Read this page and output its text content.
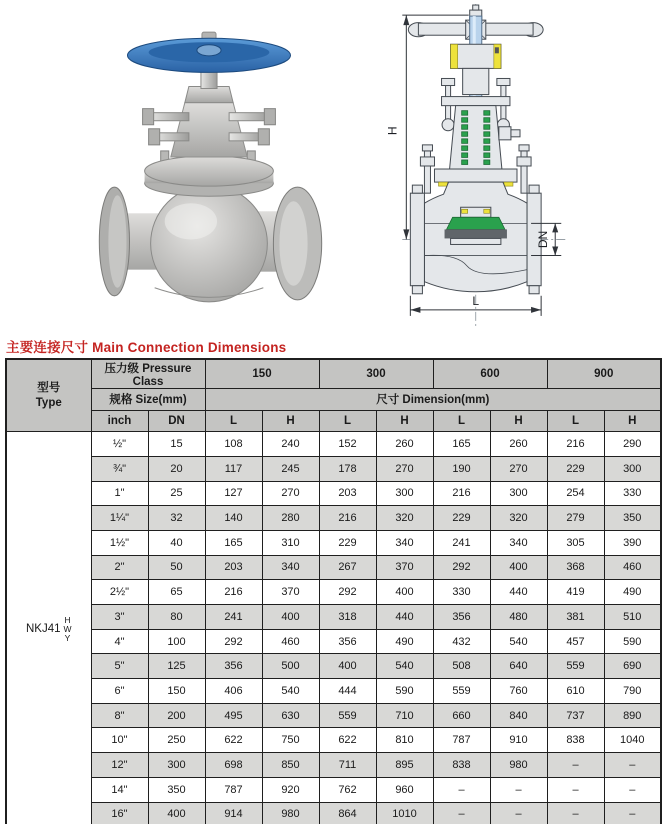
H
DN
L
主要连接尺寸 Main Connection Dimensions
型号
Type	压力级 Pressure Class		150		300		600		900	
	规格 Size(mm)		尺寸 Dimension(mm)							
	inch	DN	L	H	L	H	L	H	L	H

NKJ41
H
W
Y	½"	15	108	240	152	260	165	260	216	290
	¾"	20	117	245	178	270	190	270	229	300
	1"	25	127	270	203	300	216	300	254	330
	1¼"	32	140	280	216	320	229	320	279	350
	1½"	40	165	310	229	340	241	340	305	390
	2"	50	203	340	267	370	292	400	368	460
	2½"	65	216	370	292	400	330	440	419	490
	3"	80	241	400	318	440	356	480	381	510
	4"	100	292	460	356	490	432	540	457	590
	5"	125	356	500	400	540	508	640	559	690
	6"	150	406	540	444	590	559	760	610	790
	8"	200	495	630	559	710	660	840	737	890
	10"	250	622	750	622	810	787	910	838	1040
	12"	300	698	850	711	895	838	980	–	–
	14"	350	787	920	762	960	–	–	–	–
	16"	400	914	980	864	1010	–	–	–	–
